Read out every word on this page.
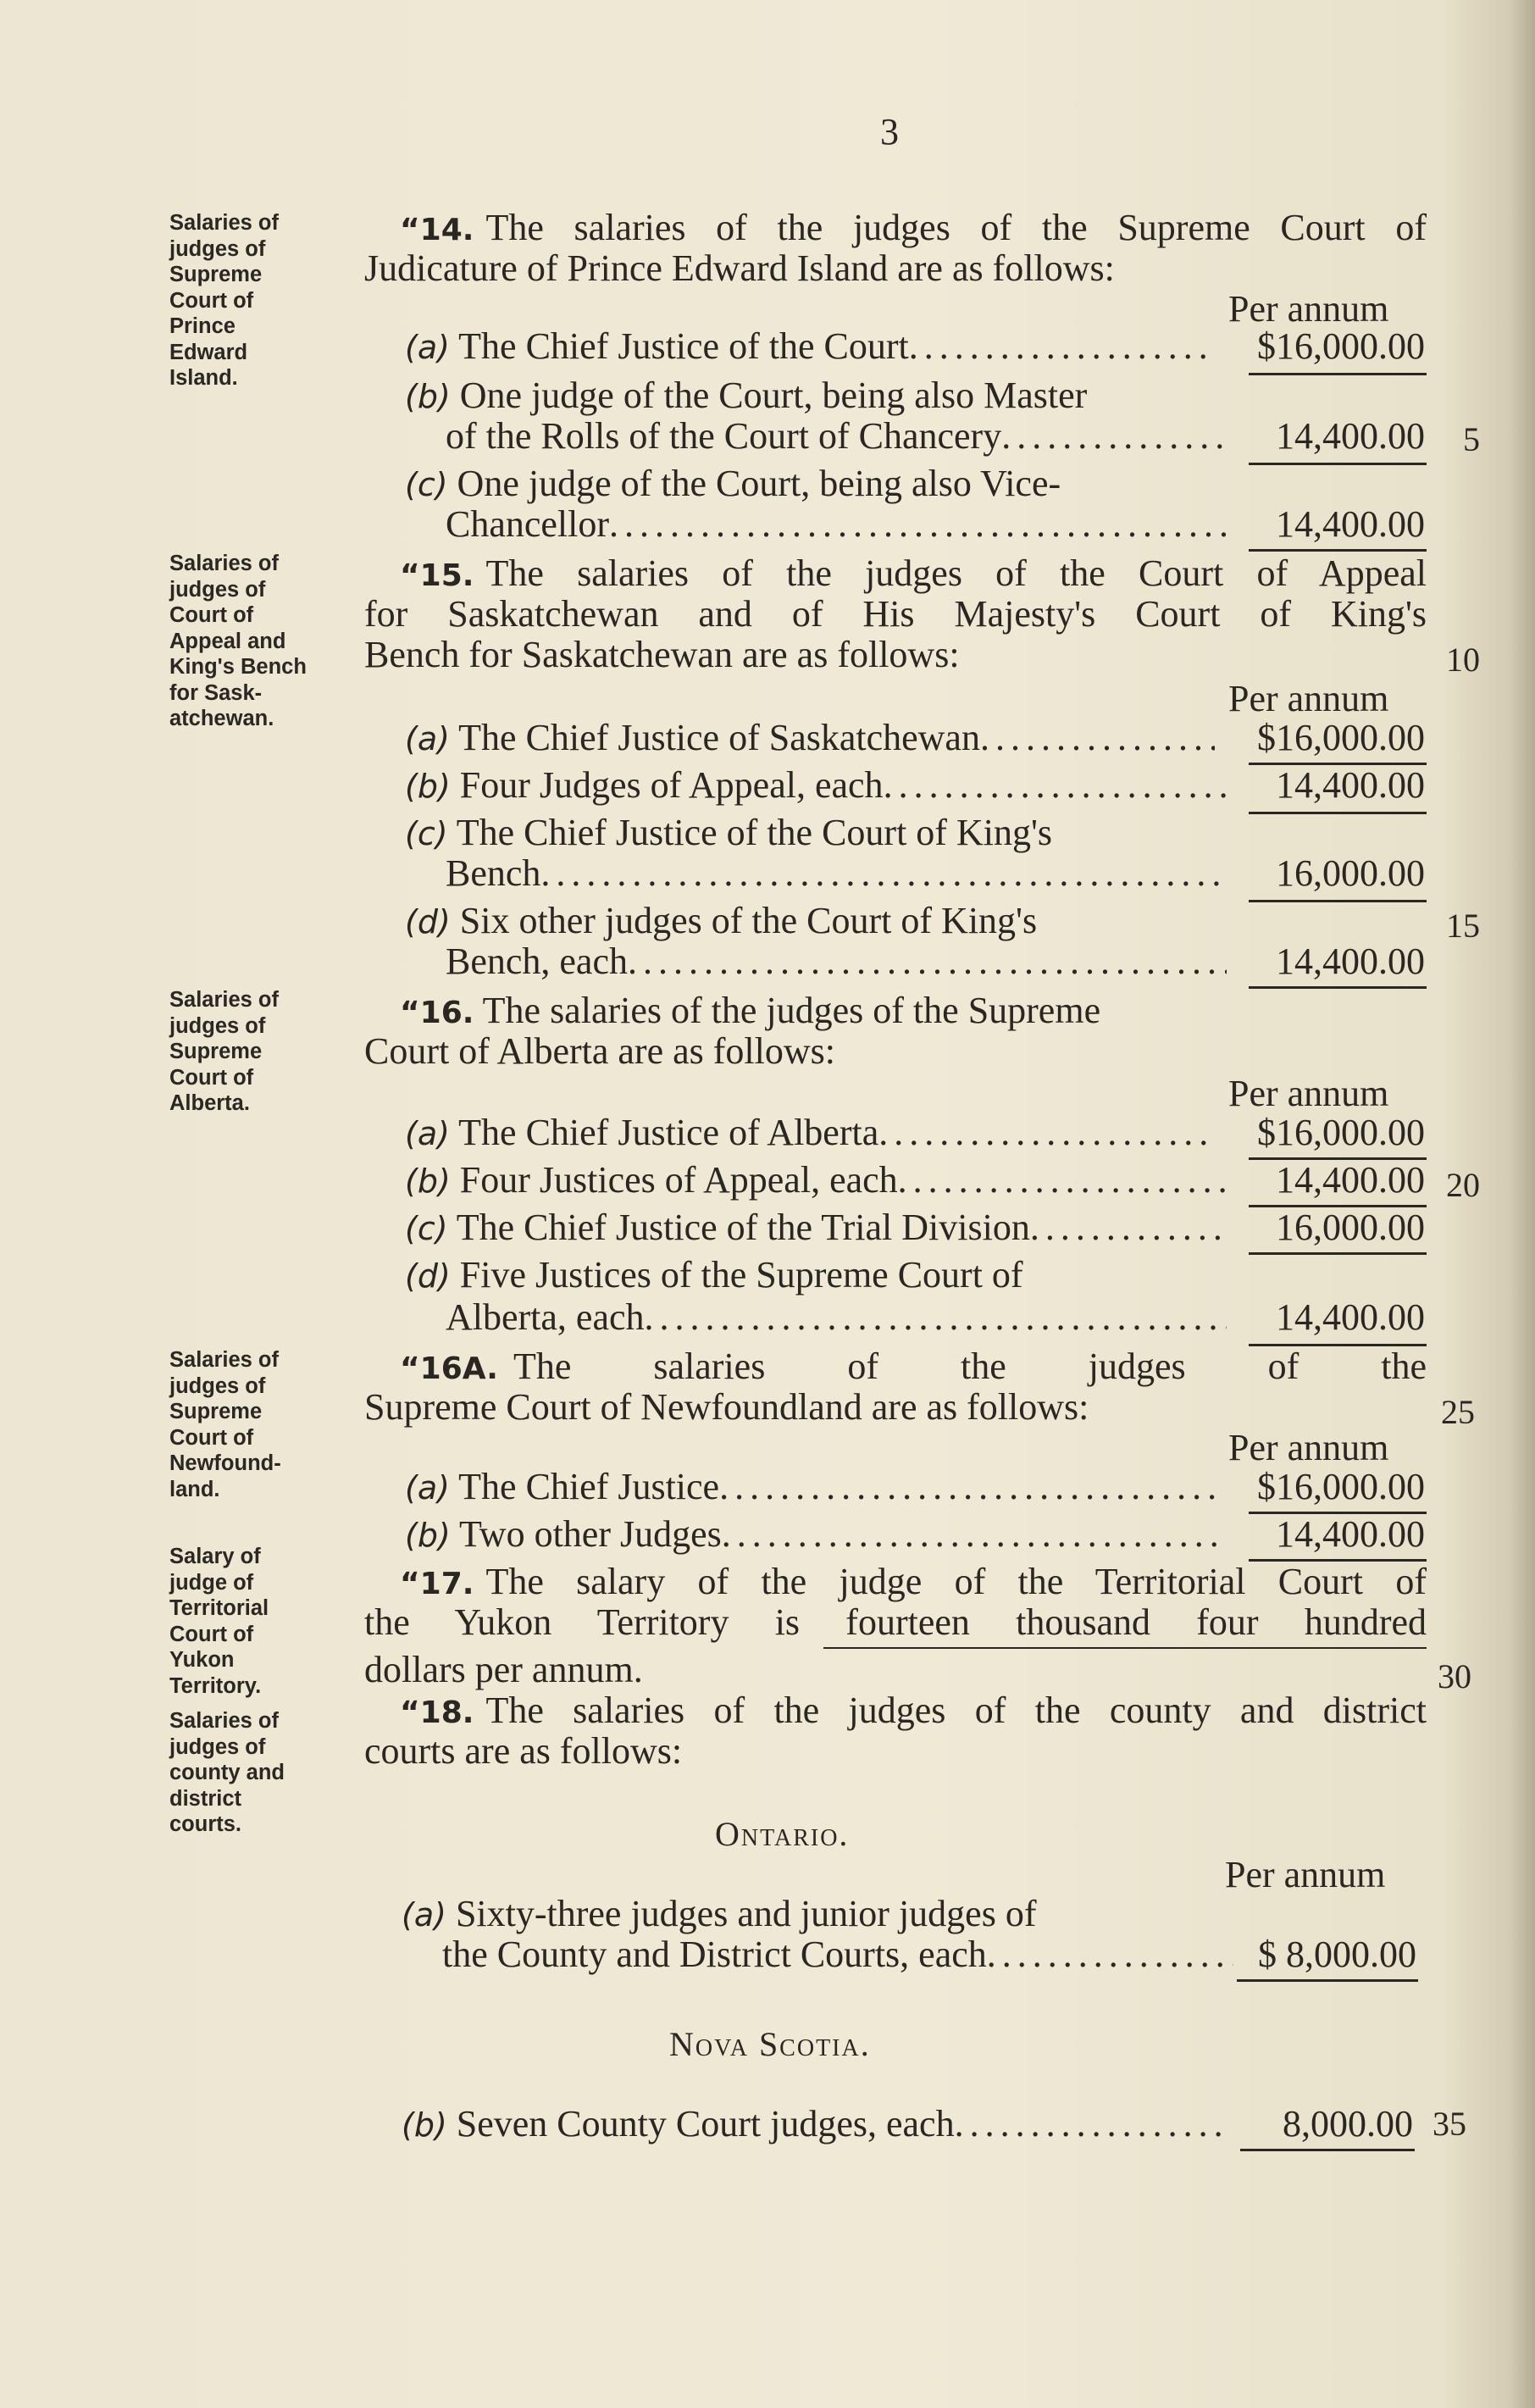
3
Salaries of
judges of
Supreme
Court of
Prince
Edward
Island.
Salaries of
judges of
Court of
Appeal and
King's Bench
for Sask-
atchewan.
Salaries of
judges of
Supreme
Court of
Alberta.
Salaries of
judges of
Supreme
Court of
Newfound-
land.
Salary of
judge of
Territorial
Court of
Yukon
Territory.
Salaries of
judges of
county and
district
courts.
“14. The salaries of the judges of the Supreme Court of
Judicature of Prince Edward Island are as follows:
Per annum
(a) The Chief Justice of the Court . . .	$16,000.00
(b) One judge of the Court, being also Master
of the Rolls of the Court of Chancery . . .	14,400.00	5
(c) One judge of the Court, being also Vice-
Chancellor . . .	14,400.00
“15. The salaries of the judges of the Court of Appeal
for Saskatchewan and of His Majesty's Court of King's
Bench for Saskatchewan are as follows:	10
Per annum
(a) The Chief Justice of Saskatchewan . . .	$16,000.00
(b) Four Judges of Appeal, each . . .	14,400.00
(c) The Chief Justice of the Court of King's
Bench . . .	16,000.00
(d) Six other judges of the Court of King's	15
Bench, each . . .	14,400.00
“16. The salaries of the judges of the Supreme
Court of Alberta are as follows:
Per annum
(a) The Chief Justice of Alberta . . .	$16,000.00
(b) Four Justices of Appeal, each . . .	14,400.00 20
(c) The Chief Justice of the Trial Division . . .	16,000.00
(d) Five Justices of the Supreme Court of
Alberta, each . . .	14,400.00
“16A. The salaries of the judges of the
Supreme Court of Newfoundland are as follows:	25
Per annum
(a) The Chief Justice . . .	$16,000.00
(b) Two other Judges . . .	14,400.00
“17. The salary of the judge of the Territorial Court of
the Yukon Territory is fourteen thousand four hundred
dollars per annum.	30
“18. The salaries of the judges of the county and district
courts are as follows:
Ontario.
Per annum
(a) Sixty-three judges and junior judges of
the County and District Courts, each . . .	$ 8,000.00
Nova Scotia.
(b) Seven County Court judges, each . . .	8,000.00 35
